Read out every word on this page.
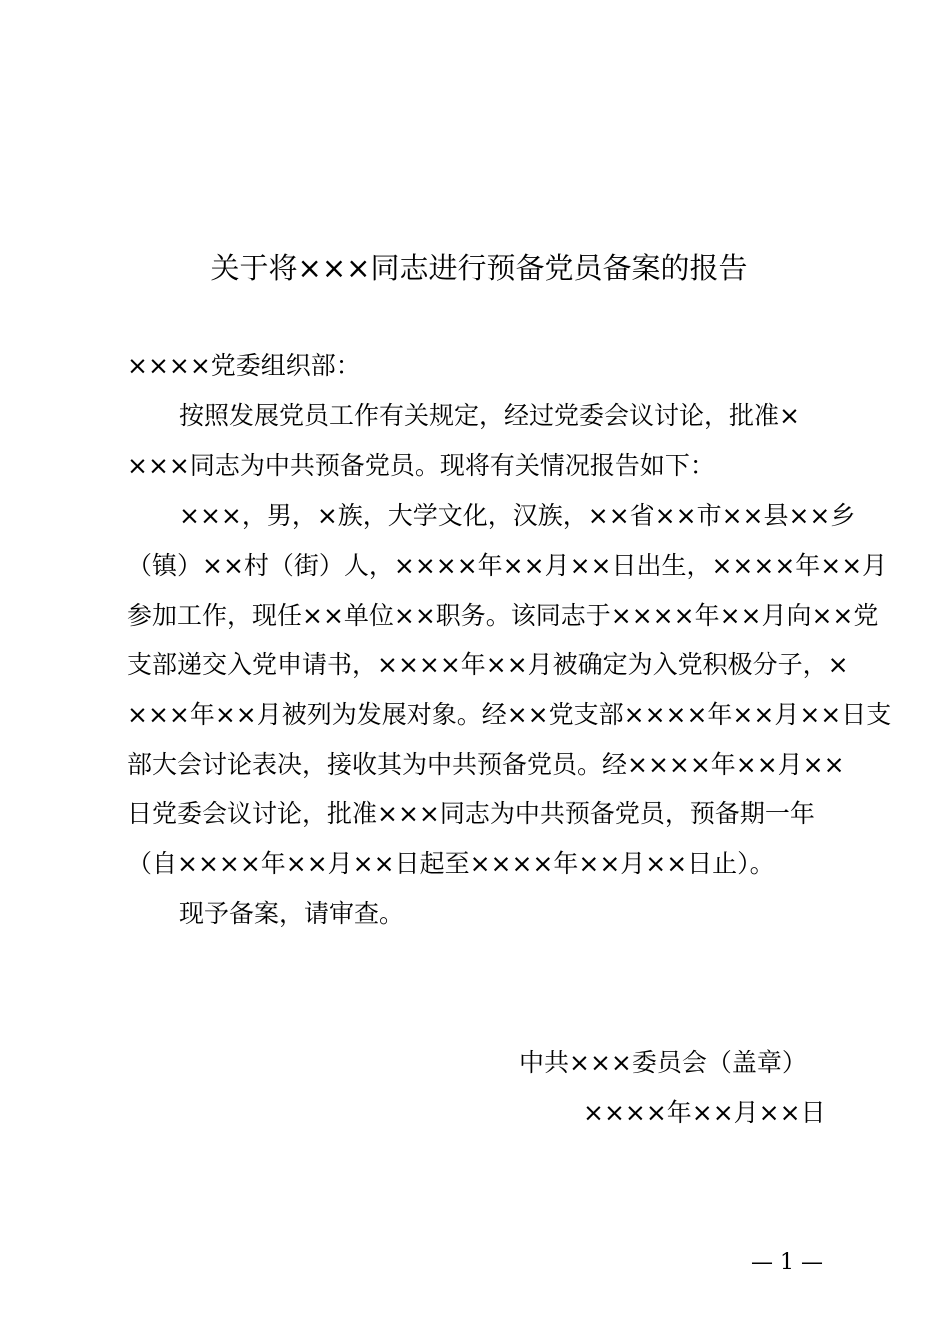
关于将×××同志进行预备党员备案的报告
××××党委组织部：
按照发展党员工作有关规定，经过党委会议讨论，批准×
×××同志为中共预备党员。现将有关情况报告如下：
×××，男，×族，大学文化，汉族，××省××市××县××乡
（镇）××村（街）人，××××年××月××日出生，××××年××月
参加工作，现任××单位××职务。该同志于××××年××月向××党
支部递交入党申请书，××××年××月被确定为入党积极分子，×
×××年××月被列为发展对象。经××党支部××××年××月××日支
部大会讨论表决，接收其为中共预备党员。经××××年××月××
日党委会议讨论，批准×××同志为中共预备党员，预备期一年
（自××××年××月××日起至××××年××月××日止）。
现予备案，请审查。
中共×××委员会（盖章）
××××年××月××日
— 1 —
